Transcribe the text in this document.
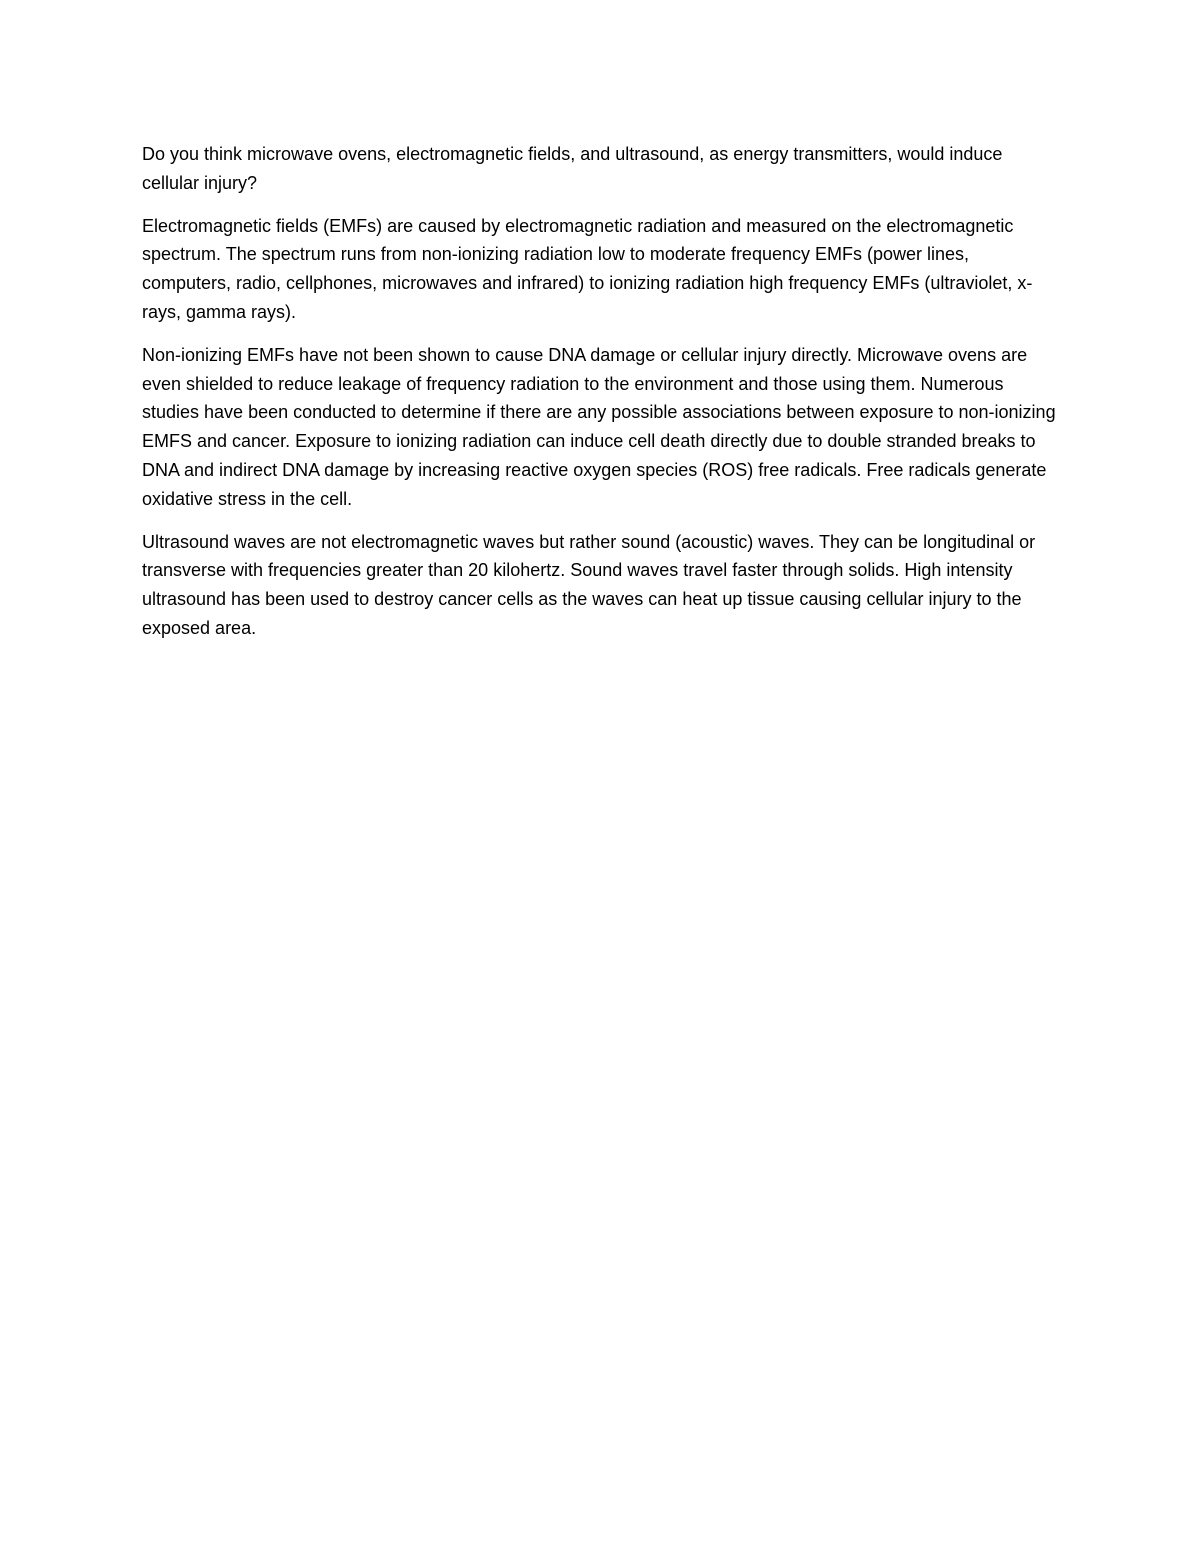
Do you think microwave ovens, electromagnetic fields, and ultrasound, as energy transmitters, would induce cellular injury?

Electromagnetic fields (EMFs) are caused by electromagnetic radiation and measured on the electromagnetic spectrum. The spectrum runs from non-ionizing radiation low to moderate frequency EMFs (power lines, computers, radio, cellphones, microwaves and infrared) to ionizing radiation high frequency EMFs (ultraviolet, x-rays, gamma rays).

Non-ionizing EMFs have not been shown to cause DNA damage or cellular injury directly. Microwave ovens are even shielded to reduce leakage of frequency radiation to the environment and those using them. Numerous studies have been conducted to determine if there are any possible associations between exposure to non-ionizing EMFS and cancer. Exposure to ionizing radiation can induce cell death directly due to double stranded breaks to DNA and indirect DNA damage by increasing reactive oxygen species (ROS) free radicals. Free radicals generate oxidative stress in the cell.

Ultrasound waves are not electromagnetic waves but rather sound (acoustic) waves. They can be longitudinal or transverse with frequencies greater than 20 kilohertz. Sound waves travel faster through solids. High intensity ultrasound has been used to destroy cancer cells as the waves can heat up tissue causing cellular injury to the exposed area.
